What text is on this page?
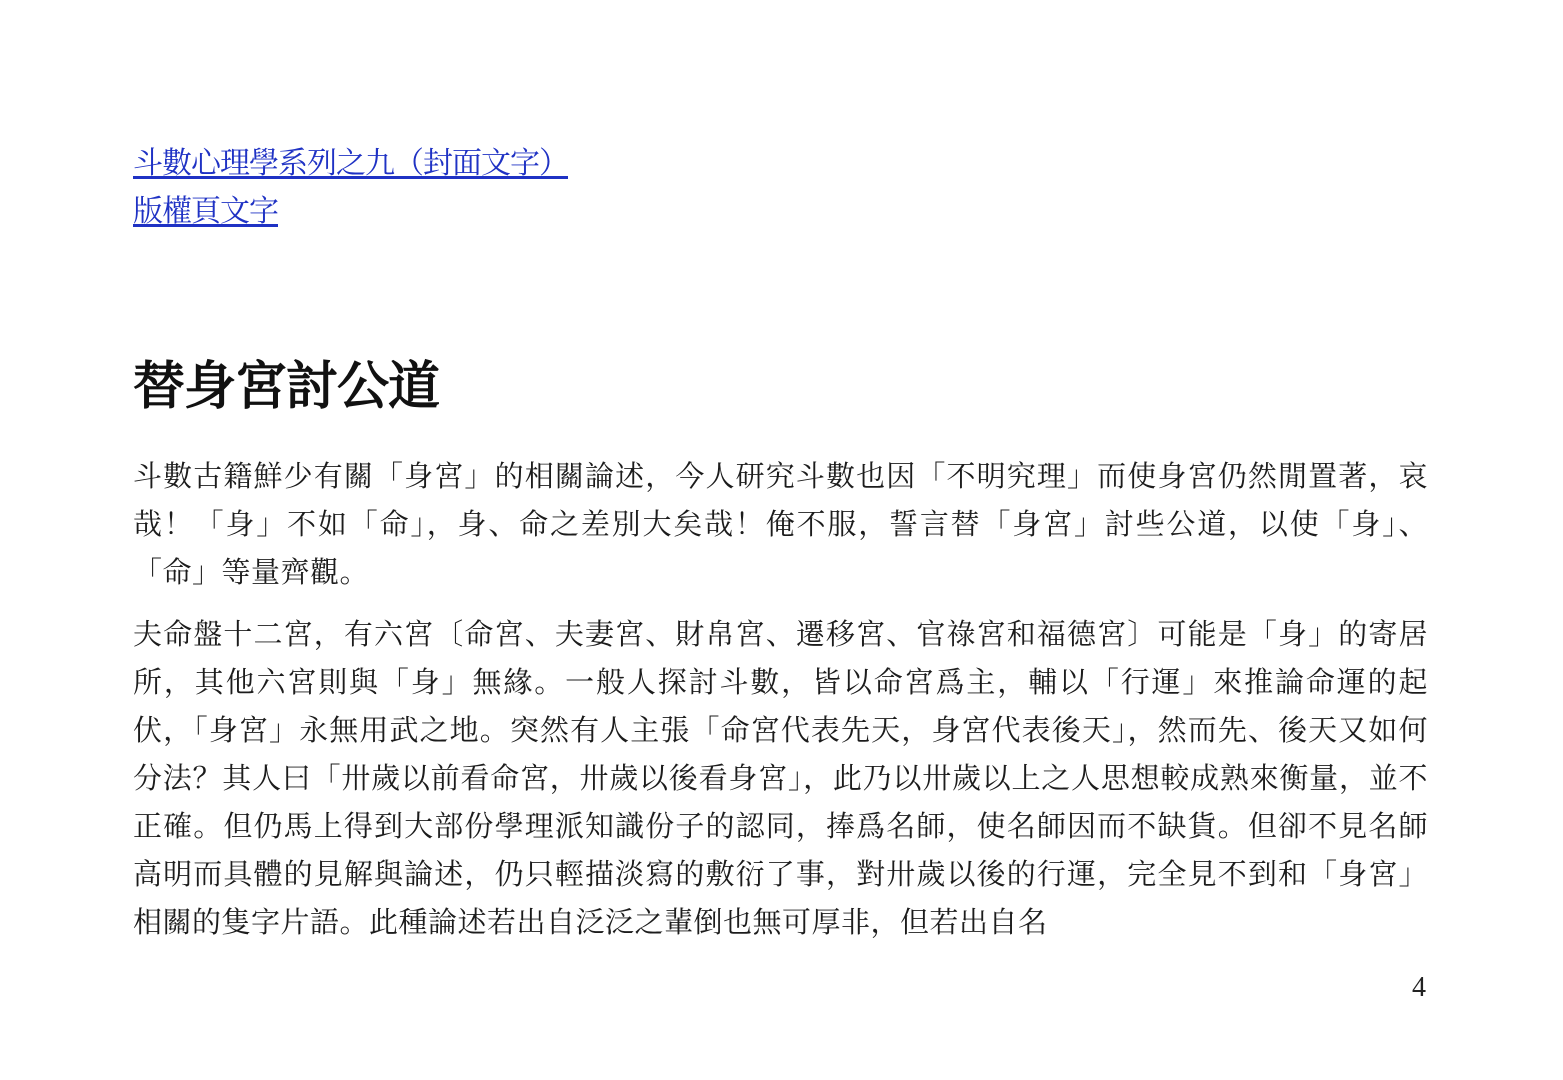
斗數心理學系列之九（封面文字）
版權頁文字
替身宮討公道

斗數古籍鮮少有關「身宮」的相關論述，今人研究斗數也因「不明究理」而使身宮仍然閒置著，哀哉！「身」不如「命」，身、命之差別大矣哉！俺不服，誓言替「身宮」討些公道，以使「身」、「命」等量齊觀。

夫命盤十二宮，有六宮〔命宮、夫妻宮、財帛宮、遷移宮、官祿宮和福德宮〕可能是「身」的寄居所，其他六宮則與「身」無緣。一般人探討斗數，皆以命宮爲主，輔以「行運」來推論命運的起伏，「身宮」永無用武之地。突然有人主張「命宮代表先天，身宮代表後天」，然而先、後天又如何分法？其人曰「卅歲以前看命宮，卅歲以後看身宮」，此乃以卅歲以上之人思想較成熟來衡量，並不正確。但仍馬上得到大部份學理派知識份子的認同，捧爲名師，使名師因而不缺貨。但卻不見名師高明而具體的見解與論述，仍只輕描淡寫的敷衍了事，對卅歲以後的行運，完全見不到和「身宮」相關的隻字片語。此種論述若出自泛泛之輩倒也無可厚非，但若出自名

4
